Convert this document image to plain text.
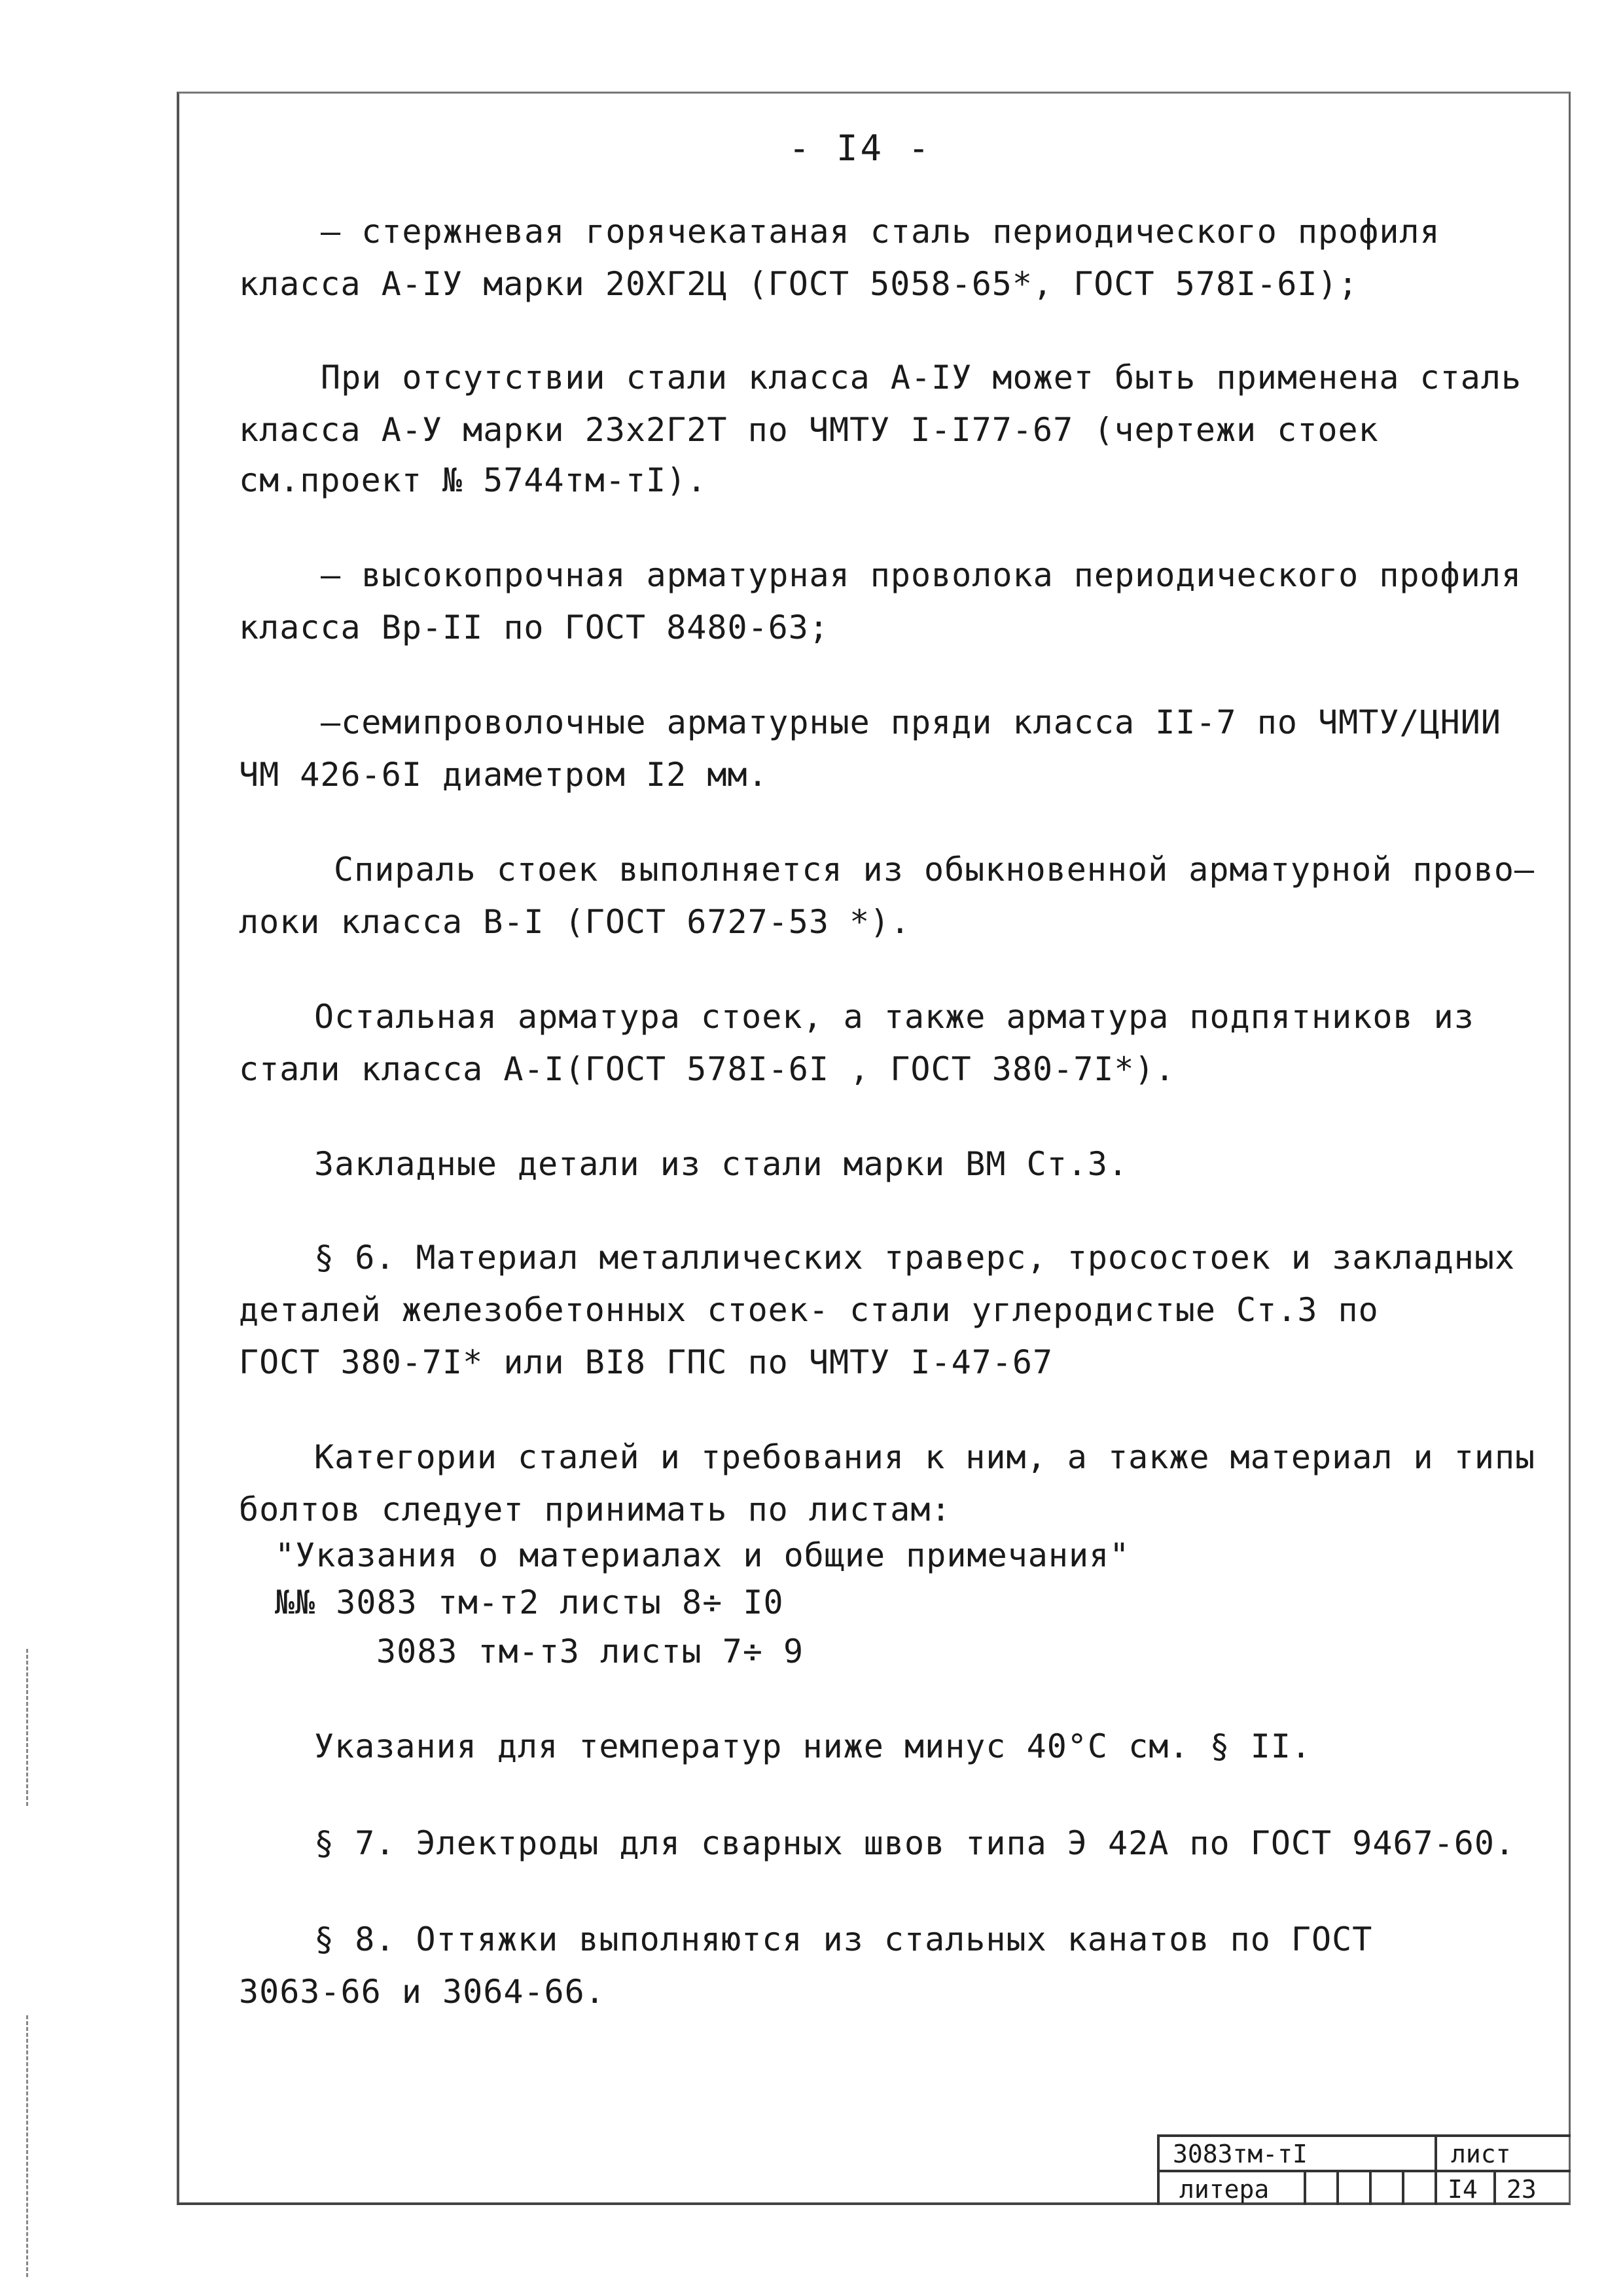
- I4 -
– стержневая горячекатаная сталь периодического профиля
класса А-IУ марки 20ХГ2Ц (ГОСТ 5058-65*, ГОСТ 578I-6I);
При отсутствии стали класса А-IУ может быть применена сталь
класса А-У марки 23х2Г2Т по ЧМТУ I-I77-67 (чертежи стоек
см.проект № 5744тм-тI).
– высокопрочная арматурная проволока периодического профиля
класса Вр-II по ГОСТ 8480-63;
–семипроволочные арматурные пряди класса II-7 по ЧМТУ/ЦНИИ
ЧМ 426-6I диаметром I2 мм.
Спираль стоек выполняется из обыкновенной арматурной прово–
локи класса В-I (ГОСТ 6727-53 *).
Остальная арматура стоек, а также арматура подпятников из
стали класса А-I(ГОСТ 578I-6I , ГОСТ 380-7I*).
Закладные детали из стали марки ВМ Ст.3.
§ 6. Материал металлических траверс, тросостоек и закладных
деталей железобетонных стоек- стали углеродистые Ст.3 по
ГОСТ 380-7I* или ВI8 ГПС по ЧМТУ I-47-67
Категории сталей и требования к ним, а также материал и типы
болтов следует принимать по листам:
"Указания о материалах и общие примечания"
№№ 3083 тм-т2 листы 8÷ I0
3083 тм-т3 листы 7÷ 9
Указания для температур ниже минус 40°С см. § II.
§ 7. Электроды для сварных швов типа Э 42А по ГОСТ 9467-60.
§ 8. Оттяжки выполняются из стальных канатов по ГОСТ
3063-66 и 3064-66.
3083тм-тI	лист
литера	I4 23
